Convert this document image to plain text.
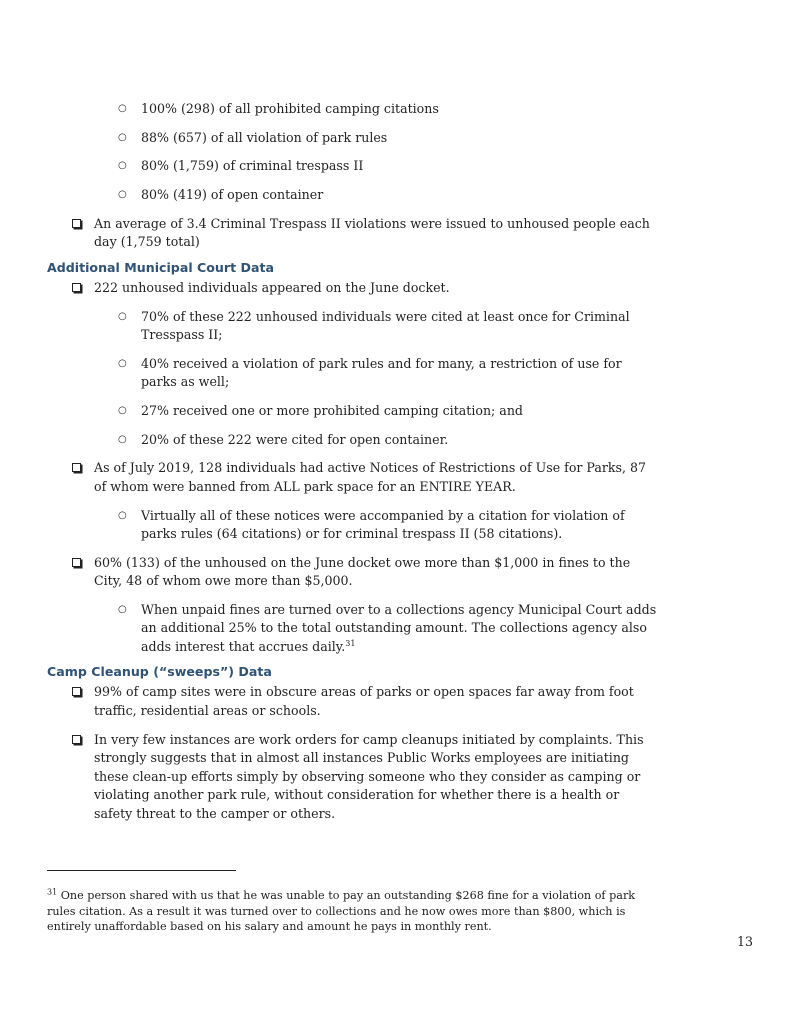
○ 100% (298) of all prohibited camping citations
○ 88% (657) of all violation of park rules
○ 80% (1,759) of criminal trespass II
○ 80% (419) of open container
An average of 3.4 Criminal Trespass II violations were issued to unhoused people each day (1,759 total)
Additional Municipal Court Data
222 unhoused individuals appeared on the June docket.
○ 70% of these 222 unhoused individuals were cited at least once for Criminal Tresspass II;
○ 40% received a violation of park rules and for many, a restriction of use for parks as well;
○ 27% received one or more prohibited camping citation; and
○ 20% of these 222 were cited for open container.
As of July 2019, 128 individuals had active Notices of Restrictions of Use for Parks, 87 of whom were banned from ALL park space for an ENTIRE YEAR.
○ Virtually all of these notices were accompanied by a citation for violation of parks rules (64 citations) or for criminal trespass II (58 citations).
60% (133) of the unhoused on the June docket owe more than $1,000 in fines to the City, 48 of whom owe more than $5,000.
○ When unpaid fines are turned over to a collections agency Municipal Court adds an additional 25% to the total outstanding amount. The collections agency also adds interest that accrues daily.$^{31}$
Camp Cleanup (“sweeps”) Data
99% of camp sites were in obscure areas of parks or open spaces far away from foot traffic, residential areas or schools.
In very few instances are work orders for camp cleanups initiated by complaints. This strongly suggests that in almost all instances Public Works employees are initiating these clean-up efforts simply by observing someone who they consider as camping or violating another park rule, without consideration for whether there is a health or safety threat to the camper or others.
$^{31}$ One person shared with us that he was unable to pay an outstanding $268 fine for a violation of park rules citation. As a result it was turned over to collections and he now owes more than $800, which is entirely unaffordable based on his salary and amount he pays in monthly rent.
13
